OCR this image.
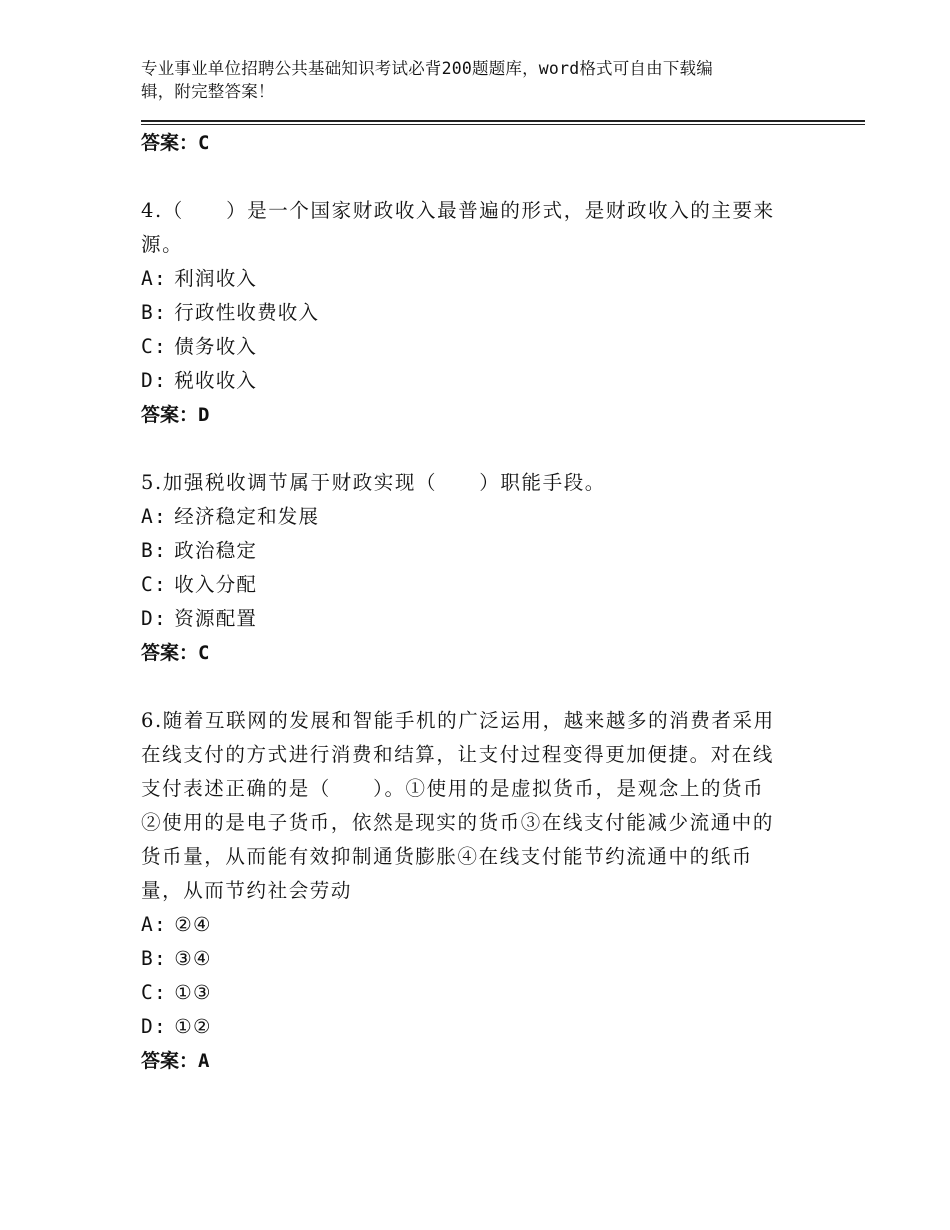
专业事业单位招聘公共基础知识考试必背200题题库，word格式可自由下载编
辑，附完整答案！
答案：C
4.（　　）是一个国家财政收入最普遍的形式，是财政收入的主要来
源。
A: 利润收入
B: 行政性收费收入
C: 债务收入
D: 税收收入
答案：D
5.加强税收调节属于财政实现（　　）职能手段。
A: 经济稳定和发展
B: 政治稳定
C: 收入分配
D: 资源配置
答案：C
6.随着互联网的发展和智能手机的广泛运用，越来越多的消费者采用
在线支付的方式进行消费和结算，让支付过程变得更加便捷。对在线
支付表述正确的是（　　）。①使用的是虚拟货币，是观念上的货币
②使用的是电子货币，依然是现实的货币③在线支付能减少流通中的
货币量，从而能有效抑制通货膨胀④在线支付能节约流通中的纸币
量，从而节约社会劳动
A: ②④
B: ③④
C: ①③
D: ①②
答案：A
